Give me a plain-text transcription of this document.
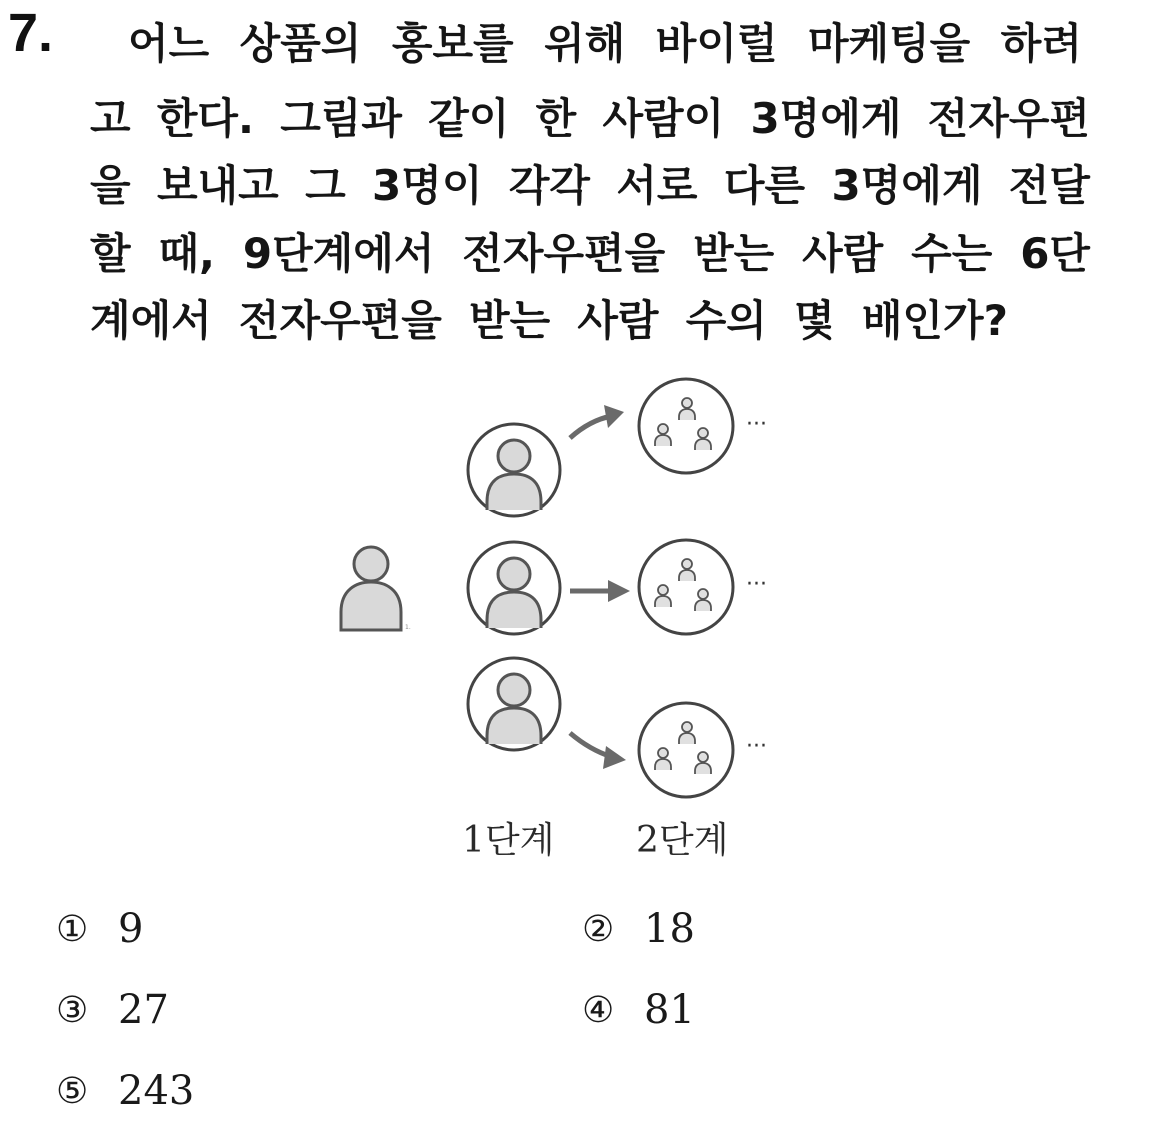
7. 어느 상품의 홍보를 위해 바이럴 마케팅을 하려
고 한다. 그림과 같이 한 사람이 3명에게 전자우편
을 보내고 그 3명이 각각 서로 다른 3명에게 전달
할 때, 9단계에서 전자우편을 받는 사람 수는 6단
계에서 전자우편을 받는 사람 수의 몇 배인가?
1.
···
···
···
1단계 2단계
① 9	② 18
③ 27	④ 81
⑤ 243
